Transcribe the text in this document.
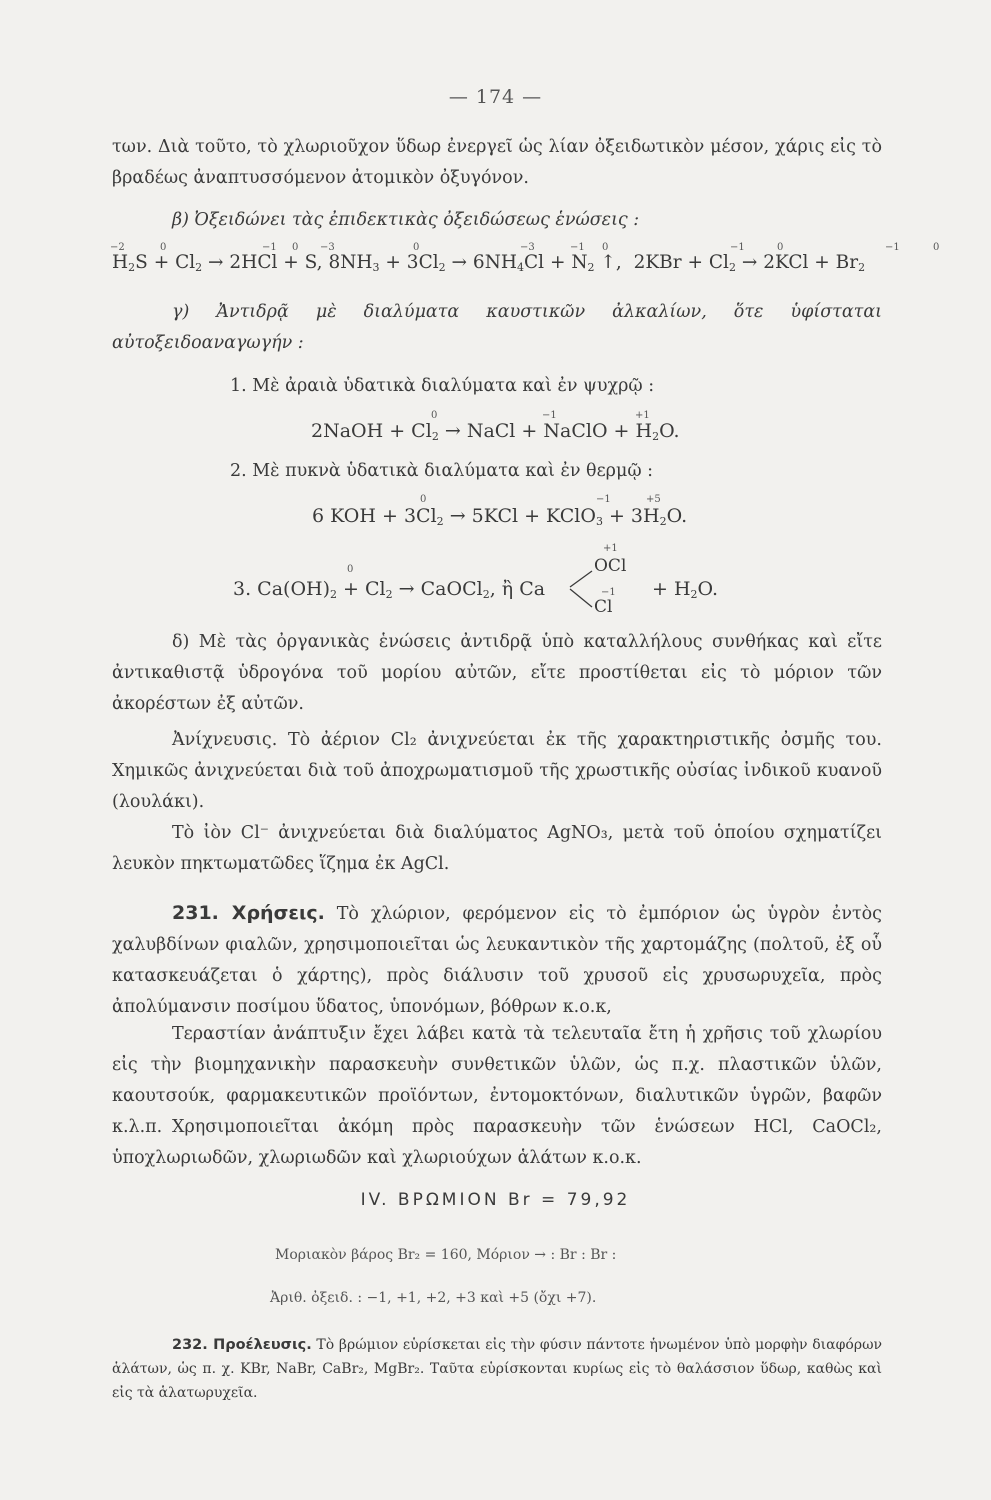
— 174 —
των. Διὰ τοῦτο, τὸ χλωριοῦχον ὕδωρ ἐνεργεῖ ὡς λίαν ὀξειδωτικὸν μέσον, χάρις εἰς τὸ βραδέως ἀναπτυσσόμενον ἀτομικὸν ὀξυγόνον.
β) Ὀξειδώνει τὰς ἐπιδεκτικὰς ὀξειδώσεως ἑνώσεις :
−2	0	−1 0 −3	0	−3	−1 0	−1	0	−1	0
$H_2S + Cl_2 \to 2HCl + S$, $8NH_3 + 3Cl_2 \to 6NH_4Cl + N_2$ ↑, $2KBr + Cl_2 \to 2KCl + Br_2$
γ) Ἀντιδρᾷ μὲ διαλύματα καυστικῶν ἀλκαλίων, ὅτε ὑφίσταται αὐτοξειδοαναγωγήν :
1. Μὲ ἀραιὰ ὑδατικὰ διαλύματα καὶ ἐν ψυχρῷ :
0	−1	+1
2NaOH + $Cl_2$ → NaCl + NaClO + $H_2O$.
2. Μὲ πυκνὰ ὑδατικὰ διαλύματα καὶ ἐν θερμῷ :
0	−1	+5
6 KOH + $3Cl_2 \to 5KCl$ + KClO$_3$ + $3H_2O$.
0
+1
−1
3. $Ca(OH)_2 + Cl_2$ → CaOCl$_2$, ἢ Ca
OCl
Cl
+ $H_2O$.
δ) Μὲ τὰς ὀργανικὰς ἑνώσεις ἀντιδρᾷ ὑπὸ καταλλήλους συνθήκας καὶ εἴτε ἀντικαθιστᾷ ὑδρογόνα τοῦ μορίου αὐτῶν, εἴτε προστίθεται εἰς τὸ μόριον τῶν ἀκορέστων ἐξ αὐτῶν.
Ἀνίχνευσις. Τὸ ἀέριον Cl₂ ἀνιχνεύεται ἐκ τῆς χαρακτηριστικῆς ὀσμῆς του. Χημικῶς ἀνιχνεύεται διὰ τοῦ ἀποχρωματισμοῦ τῆς χρωστικῆς οὐσίας ἰνδικοῦ κυανοῦ (λουλάκι).
Τὸ ἰὸν Cl⁻ ἀνιχνεύεται διὰ διαλύματος AgNO₃, μετὰ τοῦ ὁποίου σχηματίζει λευκὸν πηκτωματῶδες ἵζημα ἐκ AgCl.
231. Χρήσεις. Τὸ χλώριον, φερόμενον εἰς τὸ ἐμπόριον ὡς ὑγρὸν ἐντὸς χαλυβδίνων φιαλῶν, χρησιμοποιεῖται ὡς λευκαντικὸν τῆς χαρτομάζης (πολτοῦ, ἐξ οὗ κατασκευάζεται ὁ χάρτης), πρὸς διάλυσιν τοῦ χρυσοῦ εἰς χρυσωρυχεῖα, πρὸς ἀπολύμανσιν ποσίμου ὕδατος, ὑπονόμων, βόθρων κ.ο.κ,
Τεραστίαν ἀνάπτυξιν ἔχει λάβει κατὰ τὰ τελευταῖα ἔτη ἡ χρῆσις τοῦ χλωρίου εἰς τὴν βιομηχανικὴν παρασκευὴν συνθετικῶν ὑλῶν, ὡς π.χ. πλαστικῶν ὑλῶν, καουτσούκ, φαρμακευτικῶν προϊόντων, ἐντομοκτόνων, διαλυτικῶν ὑγρῶν, βαφῶν κ.λ.π. Χρησιμοποιεῖται ἀκόμη πρὸς παρασκευὴν τῶν ἑνώσεων HCl, CaOCl₂, ὑποχλωριωδῶν, χλωριωδῶν καὶ χλωριούχων ἁλάτων κ.ο.κ.
IV. ΒΡΩΜΙΟΝ Br = 79,92
Μοριακὸν βάρος Br₂ = 160, Μόριον → : Br : Br :
Ἀριθ. ὀξειδ. : −1, +1, +2, +3 καὶ +5 (ὄχι +7).
232. Προέλευσις. Τὸ βρώμιον εὑρίσκεται εἰς τὴν φύσιν πάντοτε ἡνωμένον ὑπὸ μορφὴν διαφόρων ἁλάτων, ὡς π. χ. KBr, NaBr, CaBr₂, MgBr₂. Ταῦτα εὑρίσκονται κυρίως εἰς τὸ θαλάσσιον ὕδωρ, καθὼς καὶ εἰς τὰ ἁλατωρυχεῖα.
